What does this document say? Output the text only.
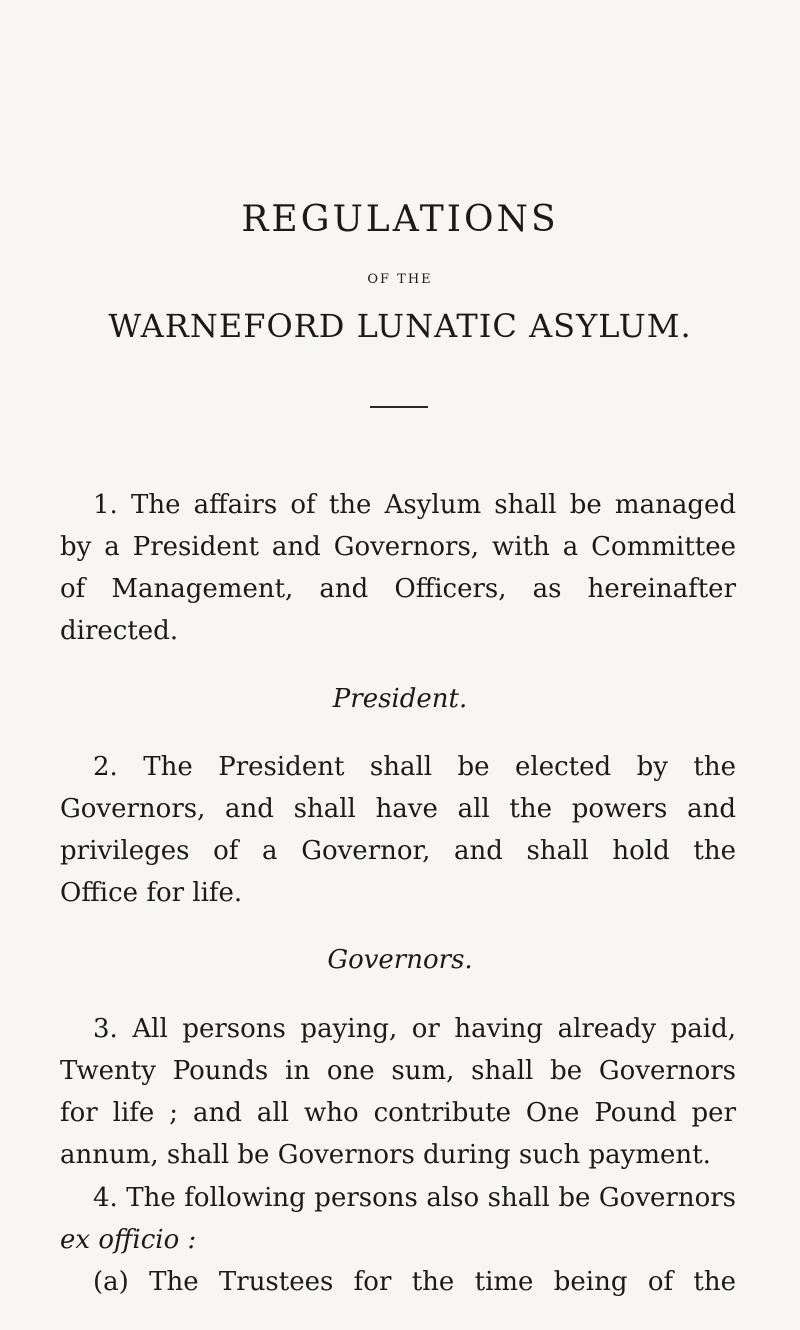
REGULATIONS
OF THE
WARNEFORD LUNATIC ASYLUM.
1. The affairs of the Asylum shall be managed
by a President and Governors, with a Committee
of Management, and Officers, as hereinafter
directed.
President.
2. The President shall be elected by the
Governors, and shall have all the powers and
privileges of a Governor, and shall hold the
Office for life.
Governors.
3. All persons paying, or having already paid,
Twenty Pounds in one sum, shall be Governors
for life ; and all who contribute One Pound per
annum, shall be Governors during such payment.
4. The following persons also shall be Governors
ex officio :
(a) The Trustees for the time being of the
